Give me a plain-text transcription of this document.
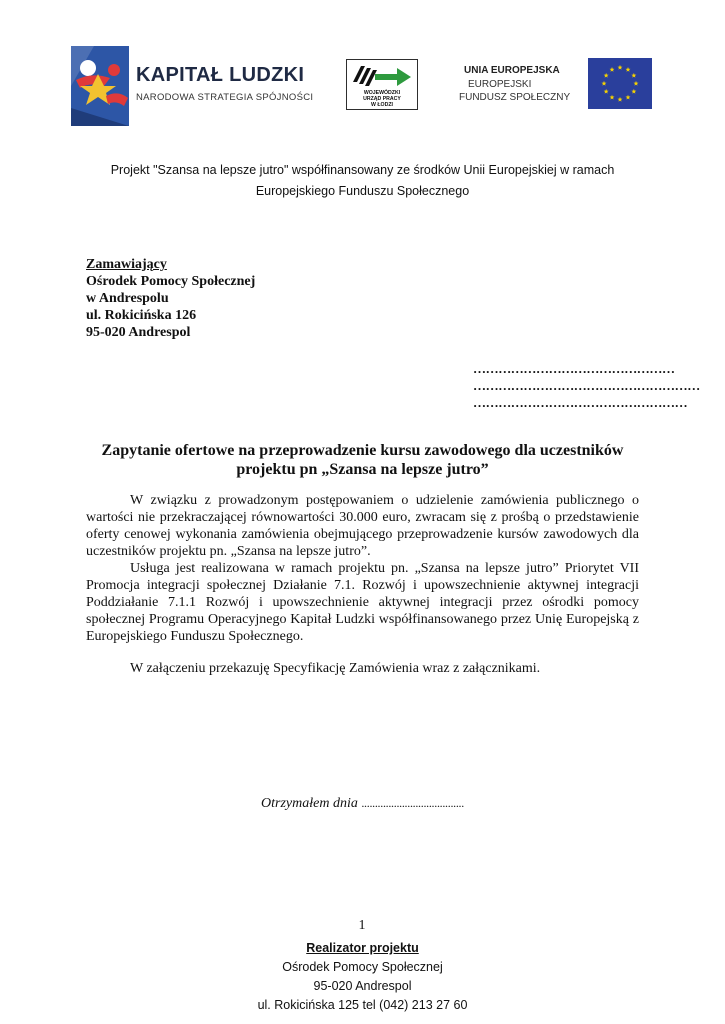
KAPITAŁ LUDZKI
NARODOWA STRATEGIA SPÓJNOŚCI	WOJEWÓDZKI
URZĄD PRACY
W ŁODZI
UNIA EUROPEJSKA
EUROPEJSKI
FUNDUSZ SPOŁECZNY
Projekt "Szansa na lepsze jutro" współfinansowany ze środków Unii Europejskiej w ramach
Europejskiego Funduszu Społecznego
Zamawiający
Ośrodek Pomocy Społecznej
w Andrespolu
ul. Rokicińska 126
95-020 Andrespol
…………………………………………
………………………………………………
……………………………………………
Zapytanie ofertowe na przeprowadzenie kursu zawodowego dla uczestników
projektu pn „Szansa na lepsze jutro”

W związku z prowadzonym postępowaniem o udzielenie zamówienia publicznego o wartości nie przekraczającej równowartości 30.000 euro, zwracam się z prośbą o przedstawienie oferty cenowej wykonania zamówienia obejmującego przeprowadzenie kursów zawodowych dla uczestników projektu pn. „Szansa na lepsze jutro”.

Usługa jest realizowana w ramach projektu pn. „Szansa na lepsze jutro” Priorytet VII Promocja integracji społecznej Działanie 7.1. Rozwój i upowszechnienie aktywnej integracji Poddziałanie 7.1.1 Rozwój i upowszechnienie aktywnej integracji przez ośrodki pomocy społecznej Programu Operacyjnego Kapitał Ludzki współfinansowanego przez Unię Europejską z Europejskiego Funduszu Społecznego.

W załączeniu przekazuję Specyfikację Zamówienia wraz z załącznikami.

Otrzymałem dnia ......................................
1
Realizator projektu
Ośrodek Pomocy Społecznej
95-020 Andrespol
ul. Rokicińska 125 tel (042) 213 27 60
